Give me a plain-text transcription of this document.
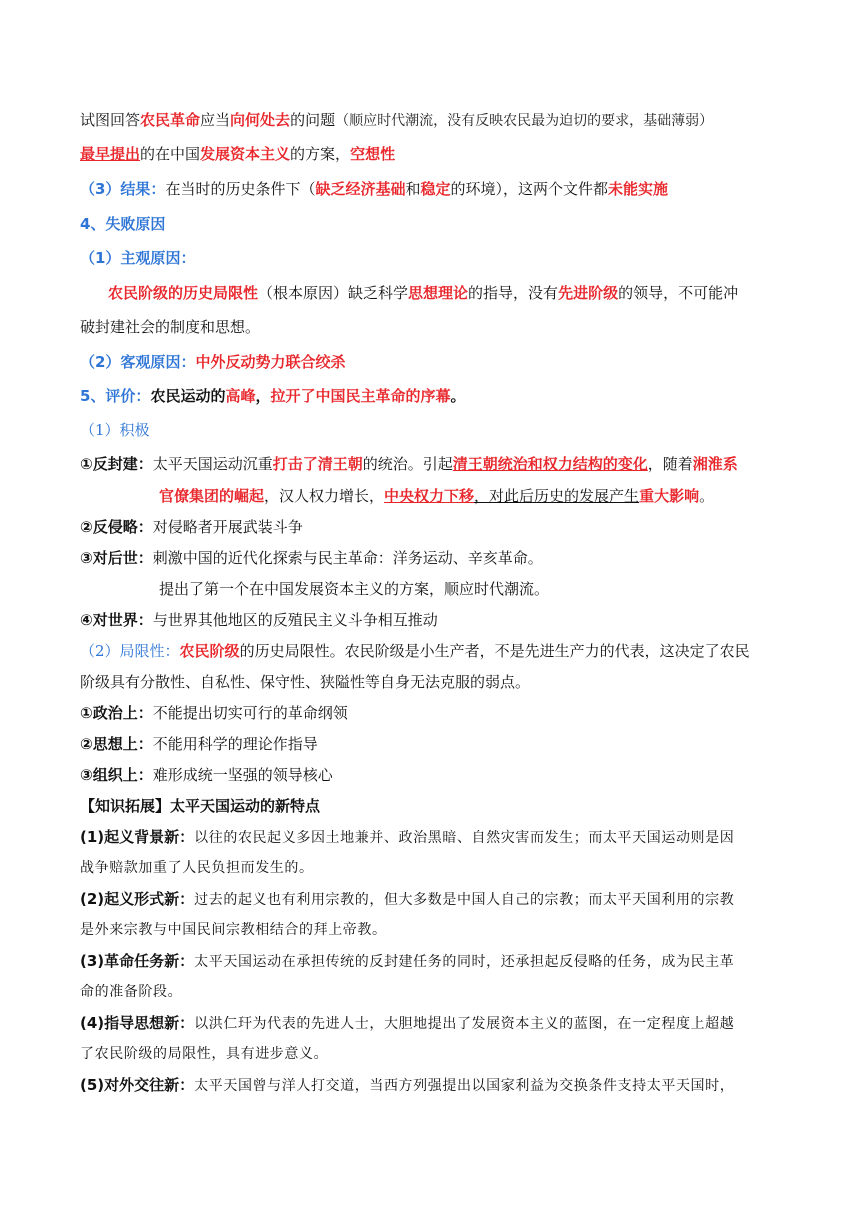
试图回答农民革命应当向何处去的问题（顺应时代潮流，没有反映农民最为迫切的要求，基础薄弱）
最早提出的在中国发展资本主义的方案，空想性
（3）结果：在当时的历史条件下（缺乏经济基础和稳定的环境），这两个文件都未能实施
4、失败原因
（1）主观原因：
农民阶级的历史局限性（根本原因）缺乏科学思想理论的指导，没有先进阶级的领导，不可能冲
破封建社会的制度和思想。
（2）客观原因：中外反动势力联合绞杀
5、评价：农民运动的高峰，拉开了中国民主革命的序幕。
（1）积极
①反封建：太平天国运动沉重打击了清王朝的统治。引起清王朝统治和权力结构的变化，随着湘淮系
官僚集团的崛起，汉人权力增长，中央权力下移，对此后历史的发展产生重大影响。
②反侵略：对侵略者开展武装斗争
③对后世：刺激中国的近代化探索与民主革命：洋务运动、辛亥革命。
提出了第一个在中国发展资本主义的方案，顺应时代潮流。
④对世界：与世界其他地区的反殖民主义斗争相互推动
（2）局限性：农民阶级的历史局限性。农民阶级是小生产者，不是先进生产力的代表，这决定了农民
阶级具有分散性、自私性、保守性、狭隘性等自身无法克服的弱点。
①政治上：不能提出切实可行的革命纲领
②思想上：不能用科学的理论作指导
③组织上：难形成统一坚强的领导核心
【知识拓展】太平天国运动的新特点
(1)起义背景新：以往的农民起义多因土地兼并、政治黑暗、自然灾害而发生；而太平天国运动则是因
战争赔款加重了人民负担而发生的。
(2)起义形式新：过去的起义也有利用宗教的，但大多数是中国人自己的宗教；而太平天国利用的宗教
是外来宗教与中国民间宗教相结合的拜上帝教。
(3)革命任务新：太平天国运动在承担传统的反封建任务的同时，还承担起反侵略的任务，成为民主革
命的准备阶段。
(4)指导思想新：以洪仁玕为代表的先进人士，大胆地提出了发展资本主义的蓝图，在一定程度上超越
了农民阶级的局限性，具有进步意义。
(5)对外交往新：太平天国曾与洋人打交道，当西方列强提出以国家利益为交换条件支持太平天国时，
